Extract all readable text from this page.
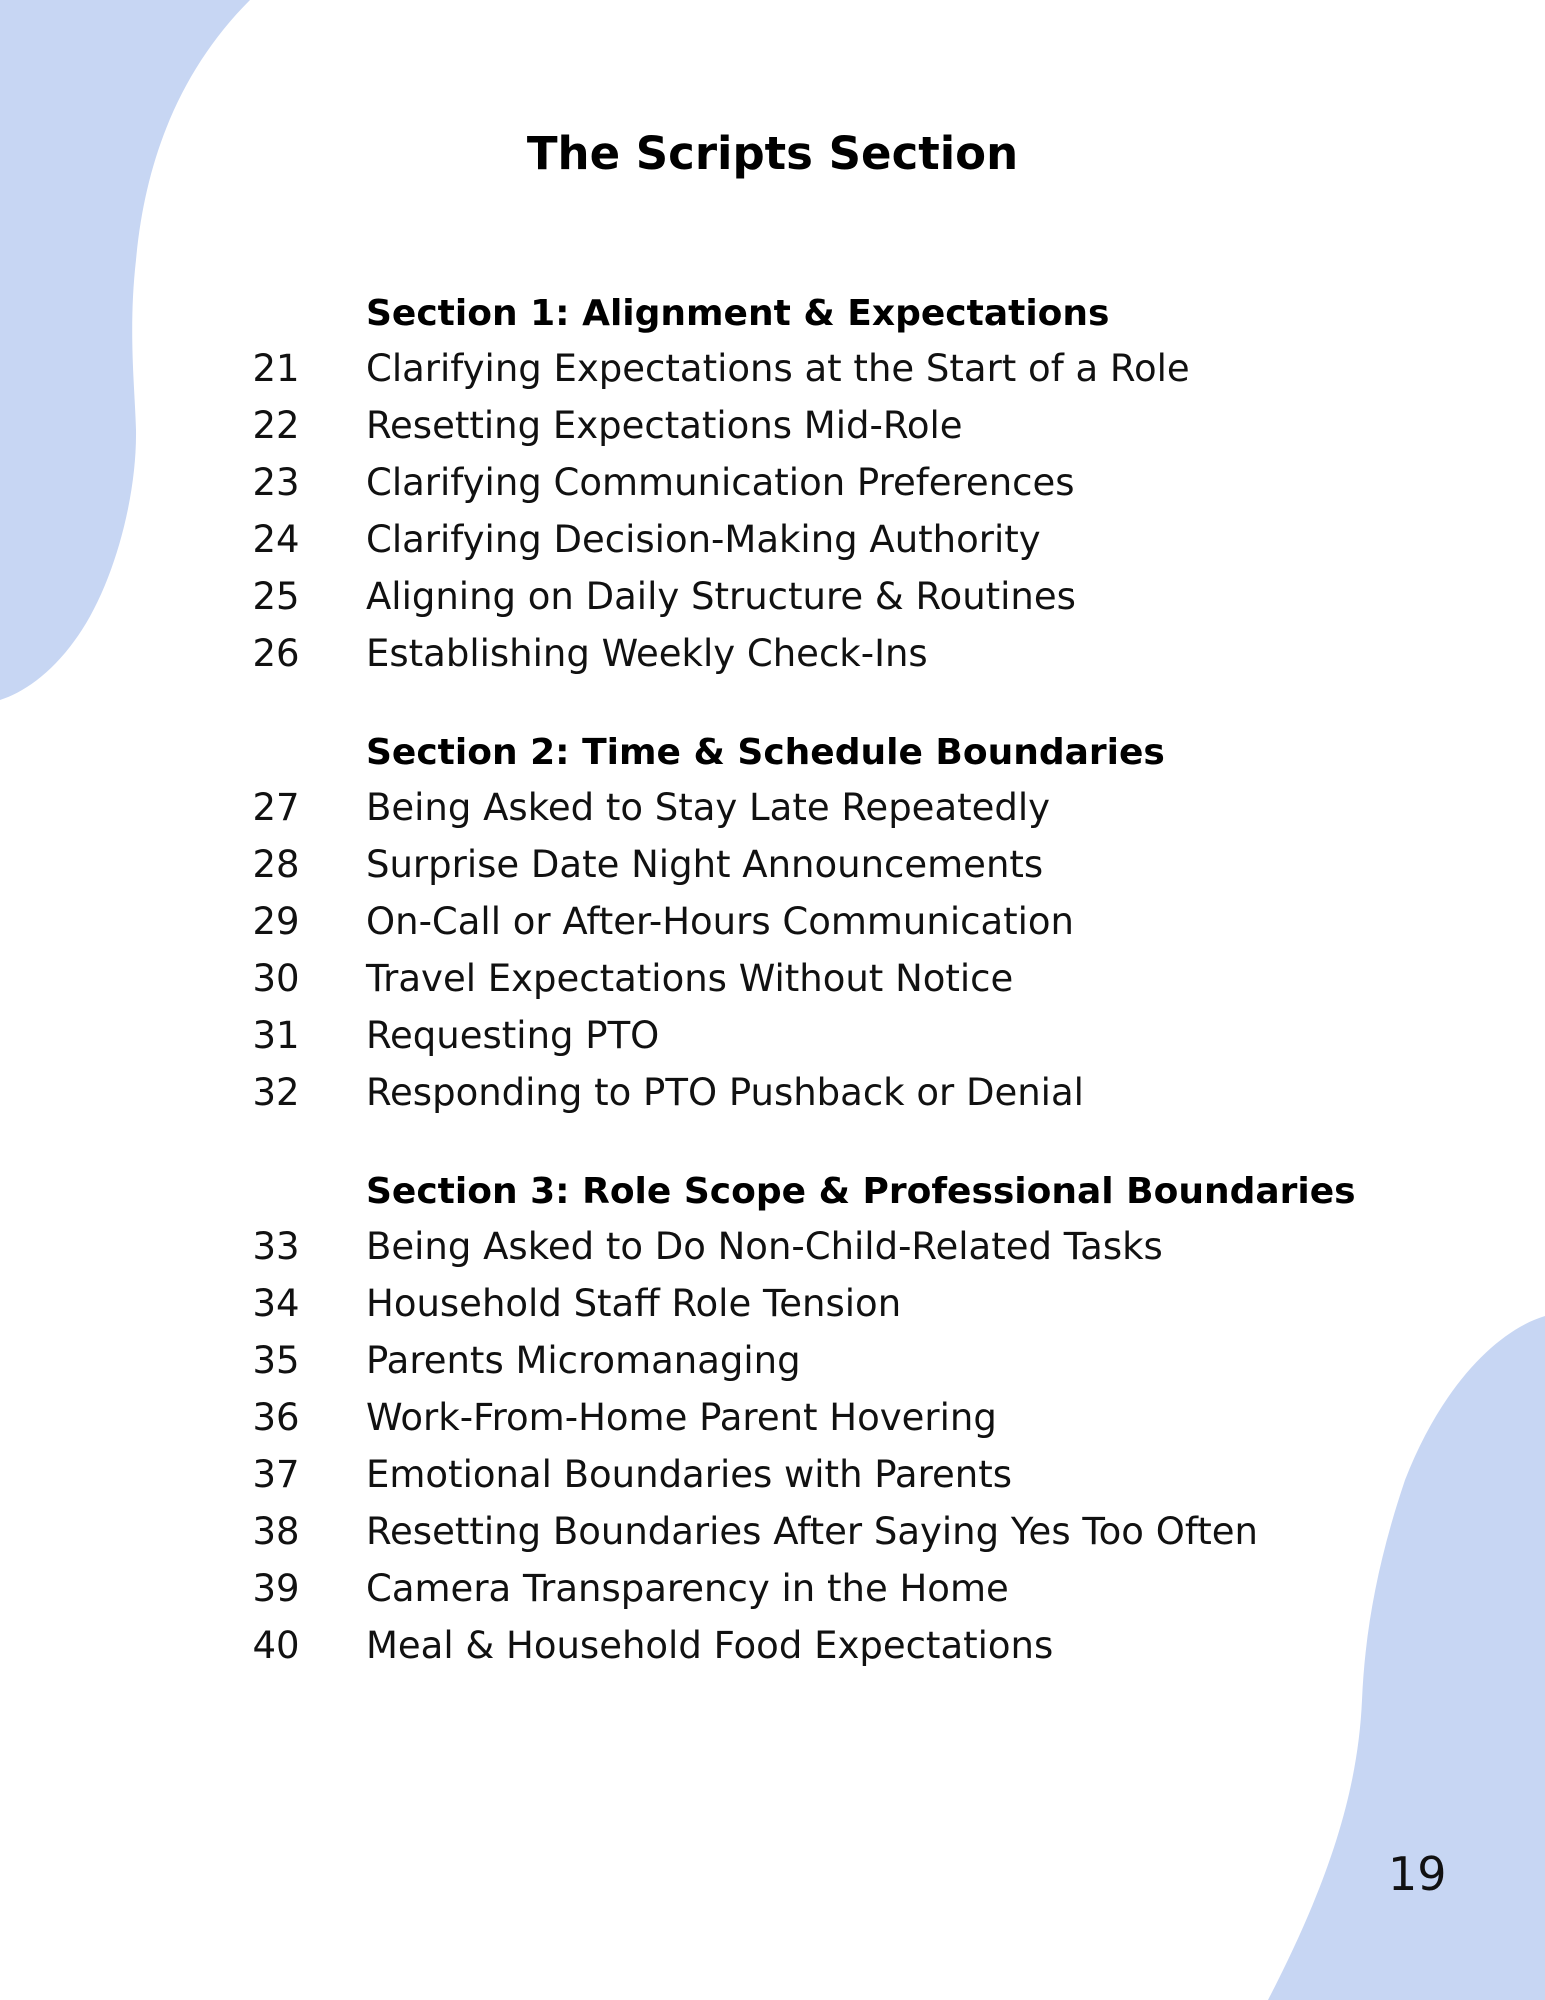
The Scripts Section
Section 1: Alignment & Expectations
21	Clarifying Expectations at the Start of a Role
22	Resetting Expectations Mid-Role
23	Clarifying Communication Preferences
24	Clarifying Decision-Making Authority
25	Aligning on Daily Structure & Routines
26	Establishing Weekly Check-Ins
Section 2: Time & Schedule Boundaries
27	Being Asked to Stay Late Repeatedly
28	Surprise Date Night Announcements
29	On-Call or After-Hours Communication
30	Travel Expectations Without Notice
31	Requesting PTO
32	Responding to PTO Pushback or Denial
Section 3: Role Scope & Professional Boundaries
33	Being Asked to Do Non-Child-Related Tasks
34	Household Staff Role Tension
35	Parents Micromanaging
36	Work-From-Home Parent Hovering
37	Emotional Boundaries with Parents
38	Resetting Boundaries After Saying Yes Too Often
39	Camera Transparency in the Home
40	Meal & Household Food Expectations
19
